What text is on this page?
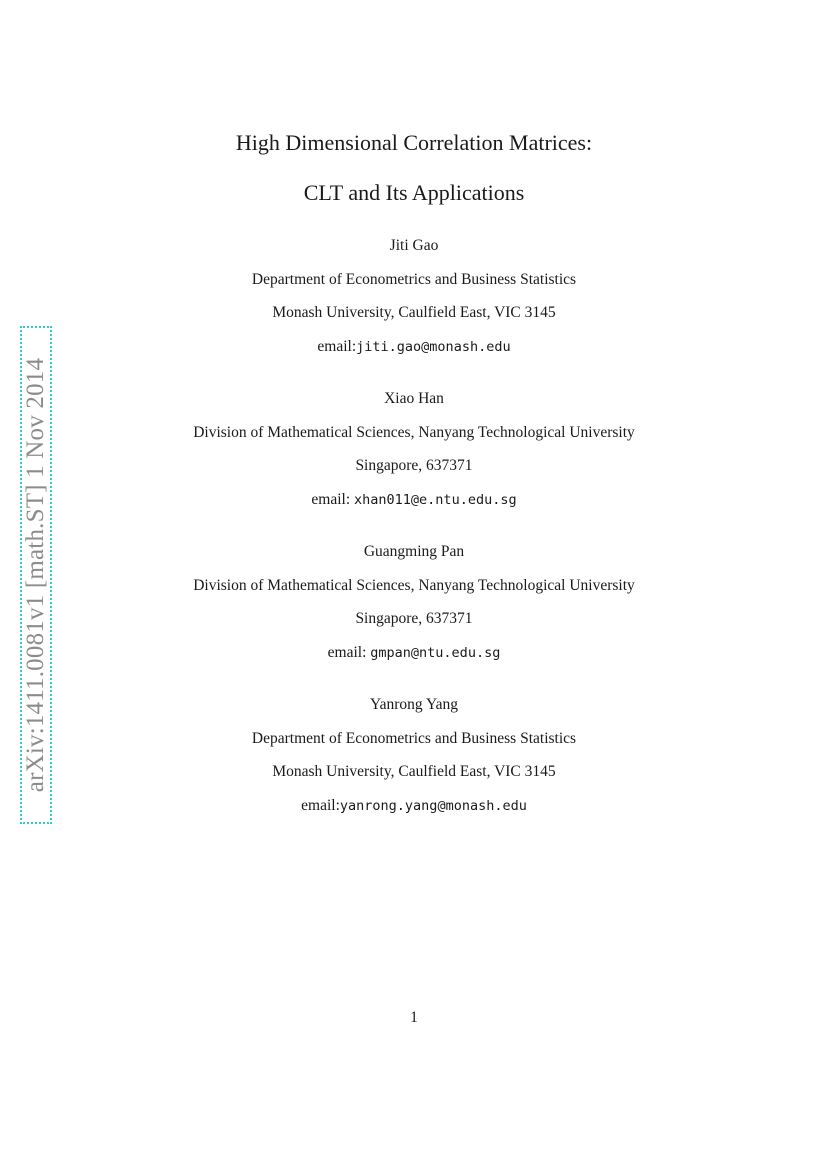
arXiv:1411.0081v1 [math.ST] 1 Nov 2014
High Dimensional Correlation Matrices:
CLT and Its Applications
Jiti Gao
Department of Econometrics and Business Statistics
Monash University, Caulfield East, VIC 3145
email:jiti.gao@monash.edu
Xiao Han
Division of Mathematical Sciences, Nanyang Technological University
Singapore, 637371
email: xhan011@e.ntu.edu.sg
Guangming Pan
Division of Mathematical Sciences, Nanyang Technological University
Singapore, 637371
email: gmpan@ntu.edu.sg
Yanrong Yang
Department of Econometrics and Business Statistics
Monash University, Caulfield East, VIC 3145
email:yanrong.yang@monash.edu
1
